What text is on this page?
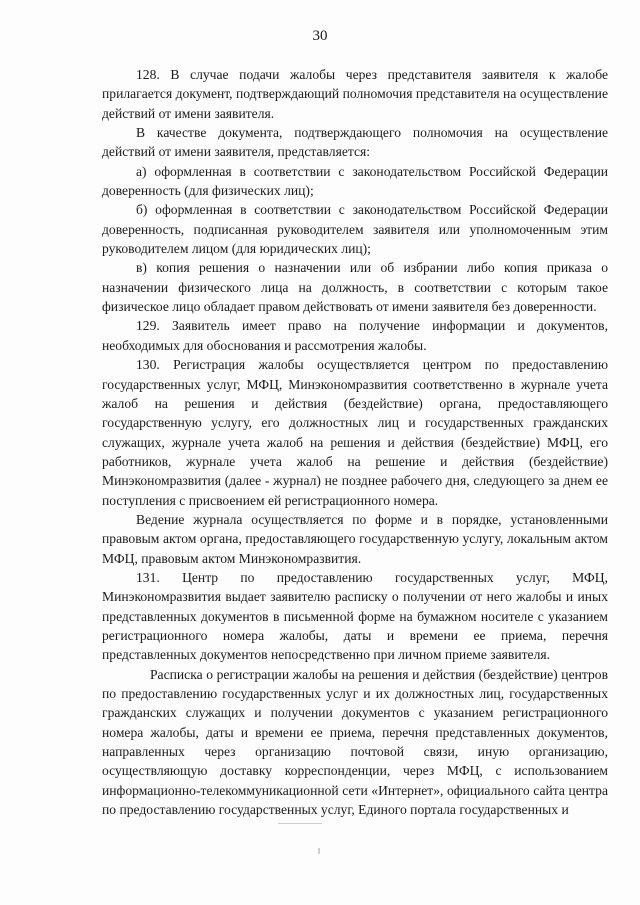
30

128. В случае подачи жалобы через представителя заявителя к жалобе прилагается документ, подтверждающий полномочия представителя на осуществление действий от имени заявителя.

В качестве документа, подтверждающего полномочия на осуществление действий от имени заявителя, представляется:

а) оформленная в соответствии с законодательством Российской Федерации доверенность (для физических лиц);

б) оформленная в соответствии с законодательством Российской Федерации доверенность, подписанная руководителем заявителя или уполномоченным этим руководителем лицом (для юридических лиц);

в) копия решения о назначении или об избрании либо копия приказа о назначении физического лица на должность, в соответствии с которым такое физическое лицо обладает правом действовать от имени заявителя без доверенности.

129. Заявитель имеет право на получение информации и документов, необходимых для обоснования и рассмотрения жалобы.

130. Регистрация жалобы осуществляется центром по предоставлению государственных услуг, МФЦ, Минэкономразвития соответственно в журнале учета жалоб на решения и действия (бездействие) органа, предоставляющего государственную услугу, его должностных лиц и государственных гражданских служащих, журнале учета жалоб на решения и действия (бездействие) МФЦ, его работников, журнале учета жалоб на решение и действия (бездействие) Минэкономразвития (далее - журнал) не позднее рабочего дня, следующего за днем ее поступления с присвоением ей регистрационного номера.

Ведение журнала осуществляется по форме и в порядке, установленными правовым актом органа, предоставляющего государственную услугу, локальным актом МФЦ, правовым актом Минэкономразвития.

131. Центр по предоставлению государственных услуг, МФЦ, Минэкономразвития выдает заявителю расписку о получении от него жалобы и иных представленных документов в письменной форме на бумажном носителе с указанием регистрационного номера жалобы, даты и времени ее приема, перечня представленных документов непосредственно при личном приеме заявителя.

Расписка о регистрации жалобы на решения и действия (бездействие) центров по предоставлению государственных услуг и их должностных лиц, государственных гражданских служащих и получении документов с указанием регистрационного номера жалобы, даты и времени ее приема, перечня представленных документов, направленных через организацию почтовой связи, иную организацию, осуществляющую доставку корреспонденции, через МФЦ, с использованием информационно-телекоммуникационной сети «Интернет», официального сайта центра по предоставлению государственных услуг, Единого портала государственных и
